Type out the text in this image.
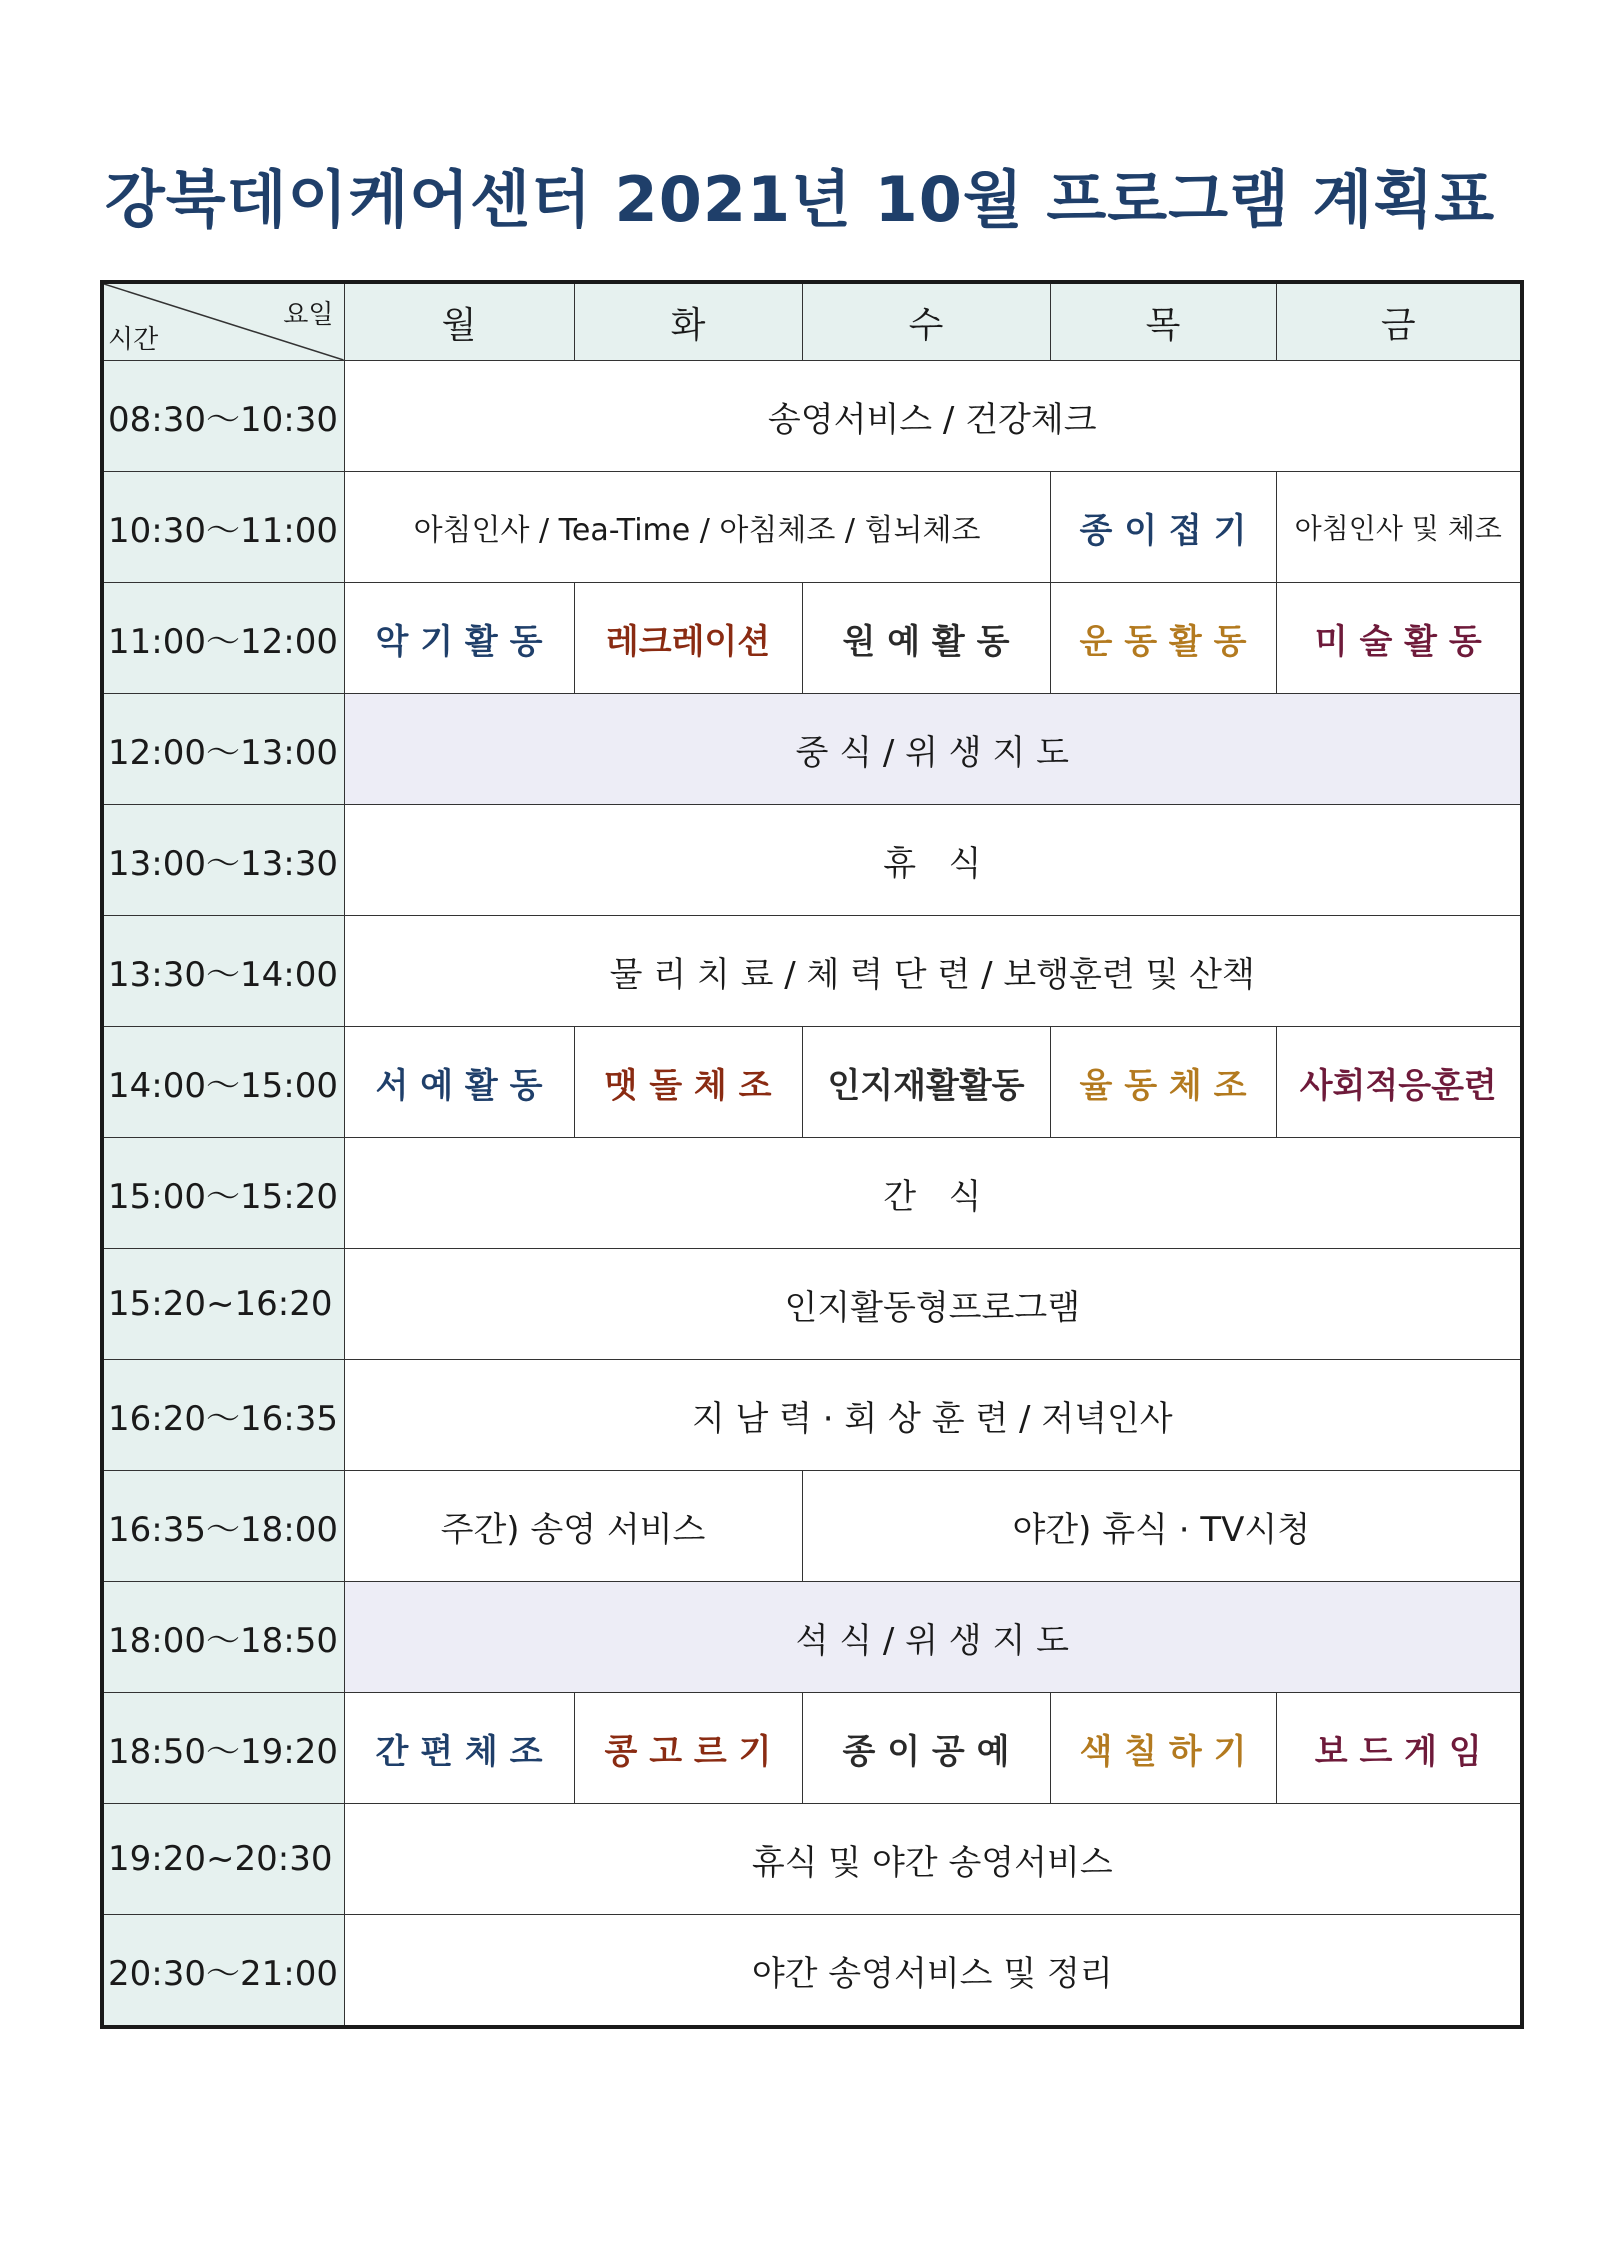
강북데이케어센터 2021년 10월 프로그램 계획표
요일
시간	월	화	수	목	금
08:30～10:30	송영서비스 / 건강체크				
10:30～11:00	아침인사 / Tea-Time / 아침체조 / 힘뇌체조			종 이 접 기	아침인사 및 체조
11:00～12:00	악 기 활 동	레크레이션	원 예 활 동	운 동 활 동	미 술 활 동
12:00～13:00	중 식 / 위 생 지 도				
13:00～13:30	휴   식				
13:30～14:00	물 리 치 료 / 체 력 단 련 / 보행훈련 및 산책				
14:00～15:00	서 예 활 동	맷 돌 체 조	인지재활활동	율 동 체 조	사회적응훈련
15:00～15:20	간   식				
15:20~16:20	인지활동형프로그램				
16:20～16:35	지 남 력 · 회 상 훈 련 / 저녁인사				
16:35～18:00	주간) 송영 서비스		야간) 휴식 · TV시청		
18:00～18:50	석 식 / 위 생 지 도				
18:50～19:20	간 편 체 조	콩 고 르 기	종 이 공 예	색 칠 하 기	보 드 게 임
19:20~20:30	휴식 및 야간 송영서비스				
20:30～21:00	야간 송영서비스 및 정리				
